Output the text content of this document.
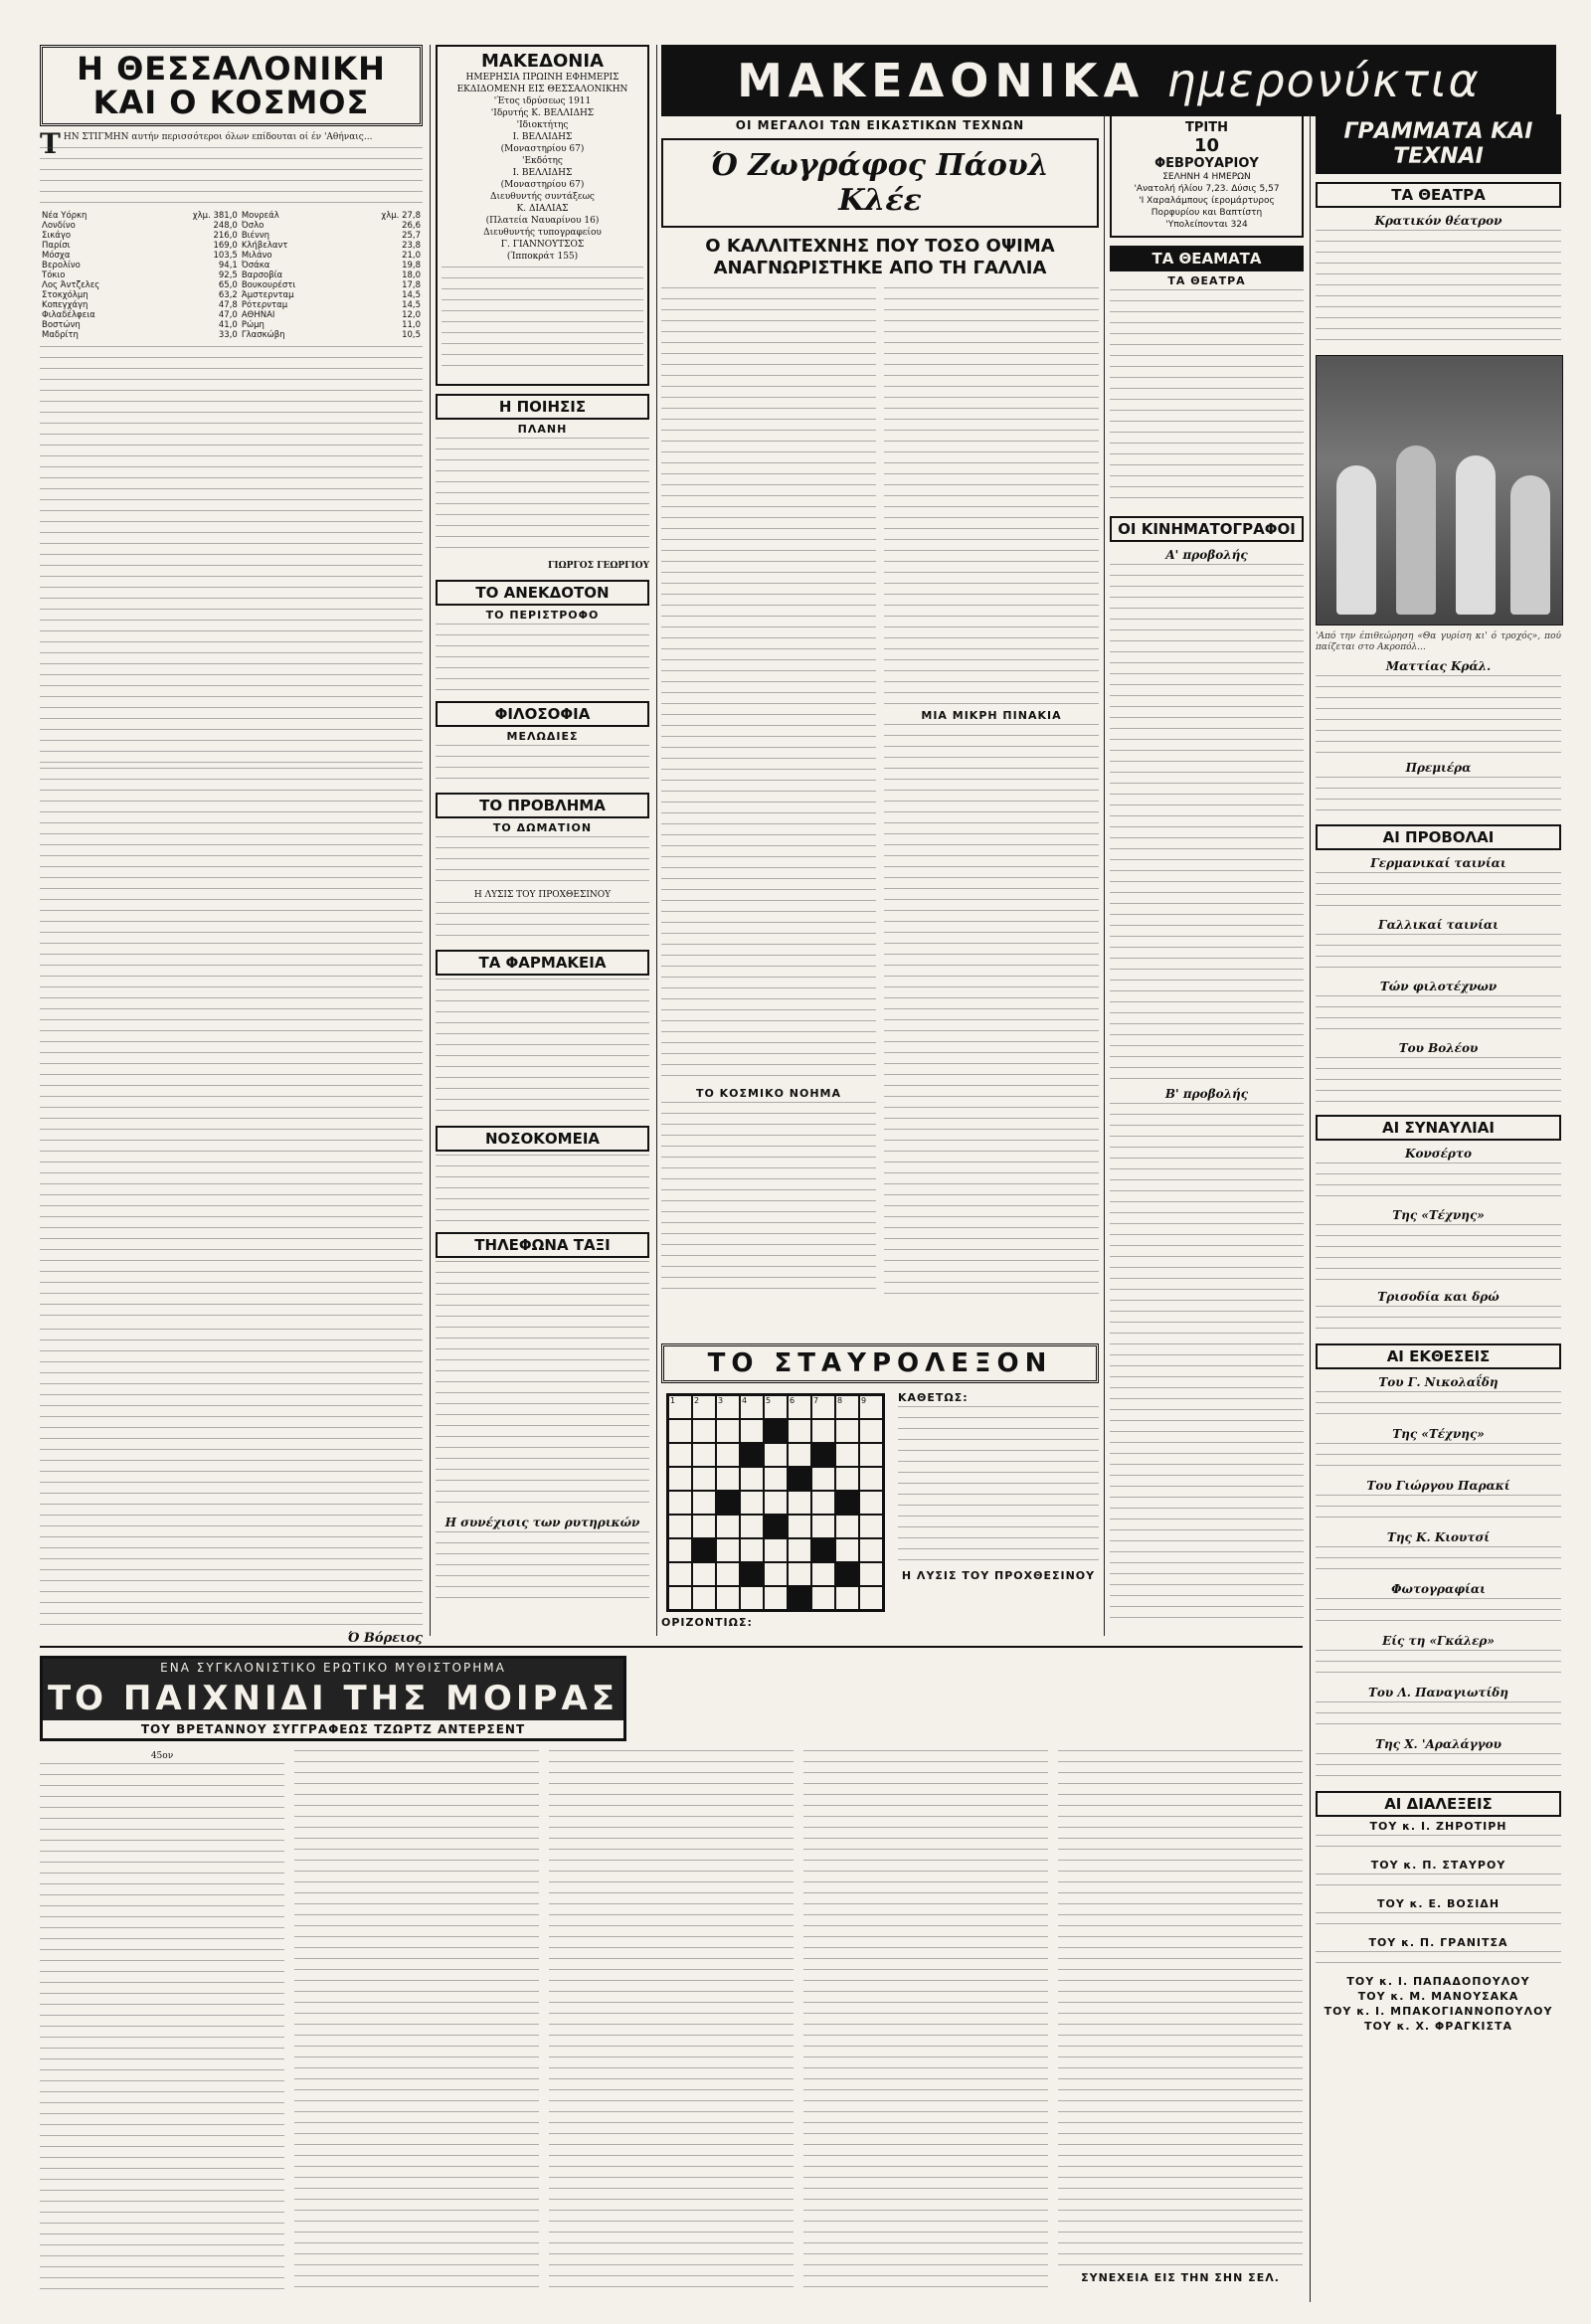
Η ΘΕΣΣΑΛΟΝΙΚΗ
ΚΑΙ Ο ΚΟΣΜΟΣ

ΤΗΝ ΣΤΙΓΜΗΝ αυτήν περισσότεροι όλων επίδουται οί έν 'Αθήναις...

Νέα Υόρκη	χλμ. 381,0	Μονρεάλ	χλμ. 27,8
Λονδίνο	248,0	Όσλο	26,6
Σικάγο	216,0	Βιέννη	25,7
Παρίσι	169,0	Κλήβελαντ	23,8
Μόσχα	103,5	Μιλάνο	21,0
Βερολίνο	94,1	Όσάκα	19,8
Τόκιο	92,5	Βαρσοβία	18,0
Λος Άντζελες	65,0	Βουκουρέστι	17,8
Στοκχόλμη	63,2	Άμστερνταμ	14,5
Κοπεγχάγη	47,8	Ρότερνταμ	14,5
Φιλαδέλφεια	47,0	ΑΘΗΝΑΙ	12,0
Βοστώνη	41,0	Ρώμη	11,0
Μαδρίτη	33,0	Γλασκώβη	10,5
Ό Βόρειος
ΜΑΚΕΔΟΝΙΑ
ΗΜΕΡΗΣΙΑ ΠΡΩΙΝΗ ΕΦΗΜΕΡΙΣ
ΕΚΔΙΔΟΜΕΝΗ ΕΙΣ ΘΕΣΣΑΛΟΝΙΚΗΝ
'Έτος ιδρύσεως 1911
'Ιδρυτής Κ. ΒΕΛΛΙΔΗΣ
'Ιδιοκτήτης
Ι. ΒΕΛΛΙΔΗΣ
(Μοναστηρίου 67)
'Εκδότης
Ι. ΒΕΛΛΙΔΗΣ
(Μοναστηρίου 67)
Διευθυντής συντάξεως
Κ. ΔΙΑΛΙΑΣ
(Πλατεία Ναυαρίνου 16)
Διευθυντής τυπογραφείου
Γ. ΓΙΑΝΝΟΥΤΣΟΣ
(Ίπποκράτ 155)
Η ΠΟΙΗΣΙΣ
ΠΛΑΝΗ
ΓΙΩΡΓΟΣ ΓΕΩΡΓΙΟΥ
ΤΟ ΑΝΕΚΔΟΤΟΝ
ΤΟ ΠΕΡΙΣΤΡΟΦΟ
ΦΙΛΟΣΟΦΙΑ
ΜΕΛΩΔΙΕΣ
ΤΟ ΠΡΟΒΛΗΜΑ
ΤΟ ΔΩΜΑΤΙΟΝ
Η ΛΥΣΙΣ ΤΟΥ ΠΡΟΧΘΕΣΙΝΟΥ
ΤΑ ΦΑΡΜΑΚΕΙΑ
ΝΟΣΟΚΟΜΕΙΑ
ΤΗΛΕΦΩΝΑ ΤΑΞΙ
Η συνέχισις των ρυτηρικών
ΜΑΚΕΔΟΝΙΚΑ ημερονύκτια
ΟΙ ΜΕΓΑΛΟΙ ΤΩΝ ΕΙΚΑΣΤΙΚΩΝ ΤΕΧΝΩΝ
Ό Ζωγράφος Πάουλ Κλέε
Ο ΚΑΛΛΙΤΕΧΝΗΣ ΠΟΥ ΤΟΣΟ ΟΨΙΜΑ
ΑΝΑΓΝΩΡΙΣΤΗΚΕ ΑΠΟ ΤΗ ΓΑΛΛΙΑ
ΤΟ ΚΟΣΜΙΚΟ ΝΟΗΜΑ
ΜΙΑ ΜΙΚΡΗ ΠΙΝΑΚΙΑ
ΤΡΙΤΗ
10
ΦΕΒΡΟΥΑΡΙΟΥ
ΣΕΛΗΝΗ 4 ΗΜΕΡΩΝ
'Ανατολή ήλίου 7,23. Δύσις 5,57
'Ι Χαραλάμπους ίερομάρτυρος
Πορφυρίου και Βαπτίστη
'Υπολείπονται 324
ΤΑ ΘΕΑΜΑΤΑ
ΤΑ ΘΕΑΤΡΑ
ΟΙ ΚΙΝΗΜΑΤΟΓΡΑΦΟΙ
Α' προβολής
Β' προβολής
ΓΡΑΜΜΑΤΑ ΚΑΙ ΤΕΧΝΑΙ
ΤΑ ΘΕΑΤΡΑ
Κρατικόν θέατρον
'Από την έπιθεώρηση «Θα γυρίση κι' ό τροχός», πού παίζεται στο Ακροπόλ...
Ματτίας Κράλ.
Πρεμιέρα
ΑΙ ΠΡΟΒΟΛΑΙ
Γερμανικαί ταινίαι
Γαλλικαί ταινίαι
Τών φιλοτέχνων
Του Βολέου
ΑΙ ΣΥΝΑΥΛΙΑΙ
Κονσέρτο
Της «Τέχνης»
Τρισοδία και δρώ
ΑΙ ΕΚΘΕΣΕΙΣ
Του Γ. Νικολαΐδη
Της «Τέχνης»
Του Γιώργου Παρακί
Της Κ. Κιουτσί
Φωτογραφίαι
Είς τη «Γκάλερ»
Του Λ. Παναγιωτίδη
Της Χ. 'Αραλάγγου
ΑΙ ΔΙΑΛΕΞΕΙΣ
ΤΟΥ κ. Ι. ΖΗΡΟΤΙΡΗ
ΤΟΥ κ. Π. ΣΤΑΥΡΟΥ
ΤΟΥ κ. Ε. ΒΟΣΙΔΗ
ΤΟΥ κ. Π. ΓΡΑΝΙΤΣΑ
ΤΟΥ κ. Ι. ΠΑΠΑΔΟΠΟΥΛΟΥ
ΤΟΥ κ. Μ. ΜΑΝΟΥΣΑΚΑ
ΤΟΥ κ. Ι. ΜΠΑΚΟΓΙΑΝΝΟΠΟΥΛΟΥ
ΤΟΥ κ. Χ. ΦΡΑΓΚΙΣΤΑ
ΤΟ ΣΤΑΥΡΟΛΕΞΟΝ
1 2 3 4 5 6 7 8 9
ΟΡΙΖΟΝΤΙΩΣ:
ΚΑΘΕΤΩΣ:
Η ΛΥΣΙΣ ΤΟΥ ΠΡΟΧΘΕΣΙΝΟΥ
ΕΝΑ ΣΥΓΚΛΟΝΙΣΤΙΚΟ ΕΡΩΤΙΚΟ ΜΥΘΙΣΤΟΡΗΜΑ
ΤΟ ΠΑΙΧΝΙΔΙ ΤΗΣ ΜΟΙΡΑΣ
ΤΟΥ ΒΡΕΤΑΝΝΟΥ ΣΥΓΓΡΑΦΕΩΣ ΤΖΩΡΤΖ ΑΝΤΕΡΣΕΝΤ
45ον
ΣΥΝΕΧΕΙΑ ΕΙΣ ΤΗΝ ΣΗΝ ΣΕΛ.
